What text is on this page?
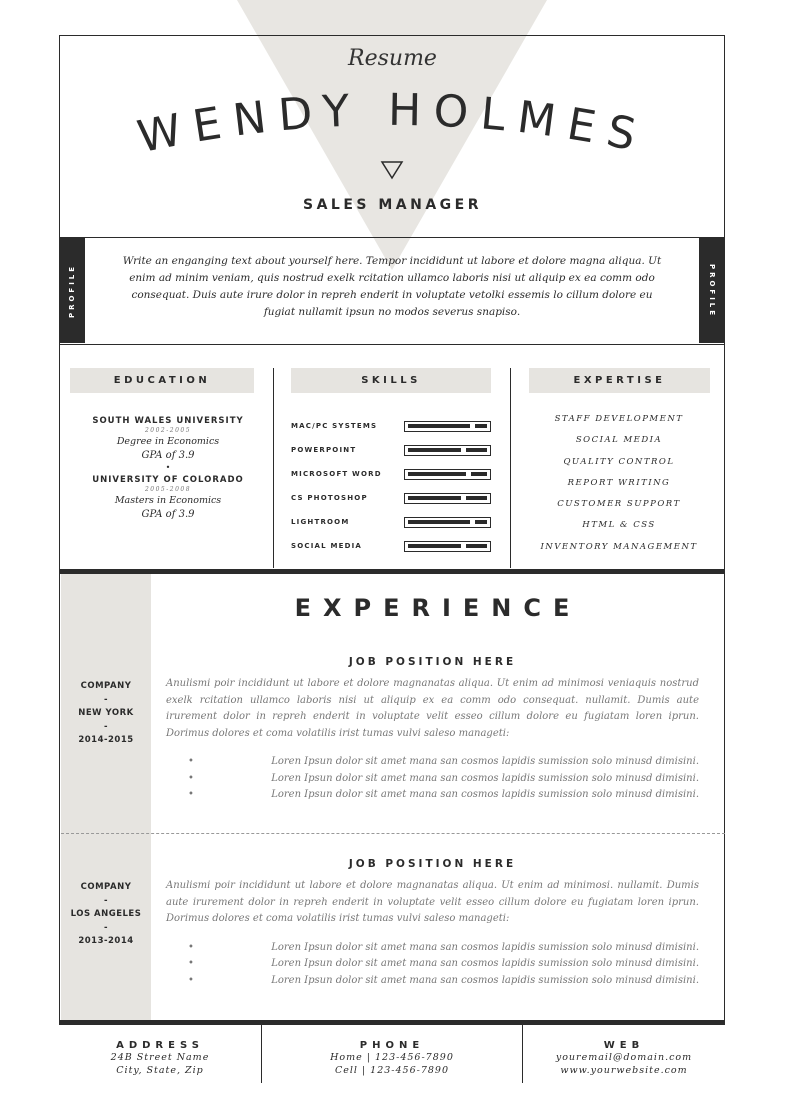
Resume
WENDY HOLMES
SALES MANAGER
PROFILE
Write an enganging text about yourself here. Tempor incididunt ut labore et dolore magna aliqua. Ut enim ad minim veniam, quis nostrud exelk rcitation ullamco laboris nisi ut aliquip ex ea comm odo consequat. Duis aute irure dolor in repreh enderit in voluptate vetolki essemis lo cillum dolore eu fugiat nullamit ipsun no modos severus snapiso.	PROFILE
EDUCATION	SKILLS	EXPERTISE
SOUTH WALES UNIVERSITY
2002-2005
Degree in Economics
GPA of 3.9
•
UNIVERSITY OF COLORADO
2005-2008
Masters in Economics
GPA of 3.9
MAC/PC SYSTEMS
POWERPOINT
MICROSOFT WORD
CS PHOTOSHOP
LIGHTROOM
SOCIAL MEDIA
STAFF DEVELOPMENT
SOCIAL MEDIA
QUALITY CONTROL
REPORT WRITING
CUSTOMER SUPPORT
HTML & CSS
INVENTORY MANAGEMENT
EXPERIENCE
COMPANY
-
NEW YORK
-
2014-2015
JOB POSITION HERE
Anulismi poir incididunt ut labore et dolore magnanatas aliqua. Ut enim ad minimosi veniaquis nostrud exelk rcitation ullamco laboris nisi ut aliquip ex ea comm odo consequat. nullamit. Dumis aute irurement dolor in repreh enderit in voluptate velit esseo cillum dolore eu fugiatam loren iprun. Dorimus dolores et coma volatilis irist tumas vulvi saleso manageti:
• Loren Ipsun dolor sit amet mana san cosmos lapidis sumission solo minusd dimisini.
• Loren Ipsun dolor sit amet mana san cosmos lapidis sumission solo minusd dimisini.
• Loren Ipsun dolor sit amet mana san cosmos lapidis sumission solo minusd dimisini.
COMPANY
-
LOS ANGELES
-
2013-2014
JOB POSITION HERE
Anulismi poir incididunt ut labore et dolore magnanatas aliqua. Ut enim ad minimosi. nullamit. Dumis aute irurement dolor in repreh enderit in voluptate velit esseo cillum dolore eu fugiatam loren iprun. Dorimus dolores et coma volatilis irist tumas vulvi saleso manageti:
• Loren Ipsun dolor sit amet mana san cosmos lapidis sumission solo minusd dimisini.
• Loren Ipsun dolor sit amet mana san cosmos lapidis sumission solo minusd dimisini.
• Loren Ipsun dolor sit amet mana san cosmos lapidis sumission solo minusd dimisini.
ADDRESS
24B Street Name
City, State, Zip
PHONE
Home | 123-456-7890
Cell | 123-456-7890
WEB
youremail@domain.com
www.yourwebsite.com
